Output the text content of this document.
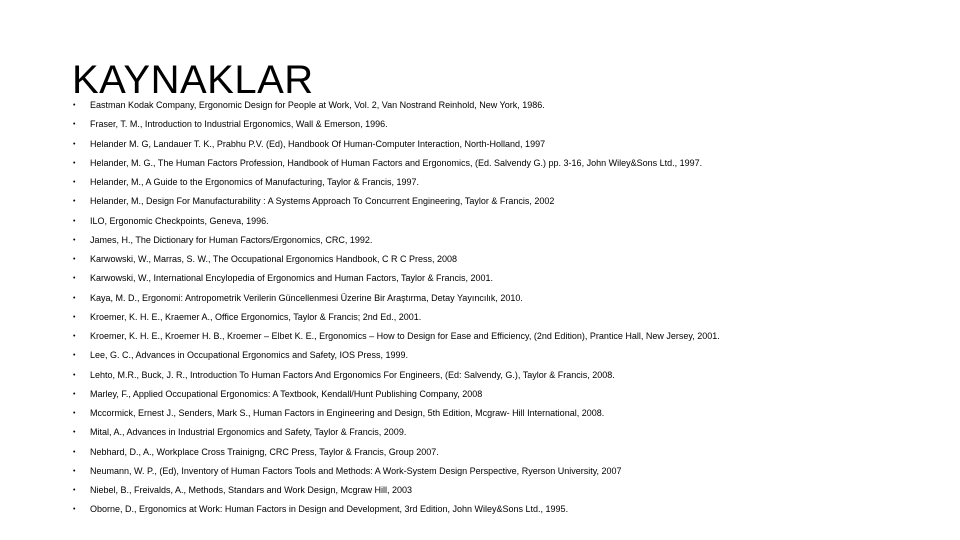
KAYNAKLAR
• Eastman Kodak Company, Ergonomic Design for People at Work, Vol. 2, Van Nostrand Reinhold, New York, 1986.
• Fraser, T. M., Introduction to Industrial Ergonomics, Wall & Emerson, 1996.
• Helander M. G, Landauer T. K., Prabhu P.V. (Ed), Handbook Of Human-Computer Interaction, North-Holland, 1997
• Helander, M. G., The Human Factors Profession, Handbook of Human Factors and Ergonomics, (Ed. Salvendy G.) pp. 3-16, John Wiley&Sons Ltd., 1997.
• Helander, M., A Guide to the Ergonomics of Manufacturing, Taylor & Francis, 1997.
• Helander, M., Design For Manufacturability : A Systems Approach To Concurrent Engineering, Taylor & Francis, 2002
• ILO, Ergonomic Checkpoints, Geneva, 1996.
• James, H., The Dictionary for Human Factors/Ergonomics, CRC, 1992.
• Karwowski, W., Marras, S. W., The Occupational Ergonomics Handbook, C R C Press, 2008
• Karwowski, W., International Encylopedia of Ergonomics and Human Factors, Taylor & Francis, 2001.
• Kaya, M. D., Ergonomi: Antropometrik Verilerin Güncellenmesi Üzerine Bir Araştırma, Detay Yayıncılık, 2010.
• Kroemer, K. H. E., Kraemer A., Office Ergonomics, Taylor & Francis; 2nd Ed., 2001.
• Kroemer, K. H. E., Kroemer H. B., Kroemer – Elbet K. E., Ergonomics – How to Design for Ease and Efficiency, (2nd Edition), Prantice Hall, New Jersey, 2001.
• Lee, G. C., Advances in Occupational Ergonomics and Safety, IOS Press, 1999.
• Lehto, M.R., Buck, J. R., Introduction To Human Factors And Ergonomics For Engineers, (Ed: Salvendy, G.), Taylor & Francis, 2008.
• Marley, F., Applied Occupational Ergonomics: A Textbook, Kendall/Hunt Publishing Company, 2008
• Mccormick, Ernest J., Senders, Mark S., Human Factors in Engineering and Design, 5th Edition, Mcgraw- Hill International, 2008.
• Mital, A., Advances in Industrial Ergonomics and Safety, Taylor & Francis, 2009.
• Nebhard, D., A., Workplace Cross Trainigng, CRC Press, Taylor & Francis, Group 2007.
• Neumann, W. P., (Ed), Inventory of Human Factors Tools and Methods: A Work-System Design Perspective, Ryerson University, 2007
• Niebel, B., Freivalds, A., Methods, Standars and Work Design, Mcgraw Hill, 2003
• Oborne, D., Ergonomics at Work: Human Factors in Design and Development, 3rd Edition, John Wiley&Sons Ltd., 1995.
